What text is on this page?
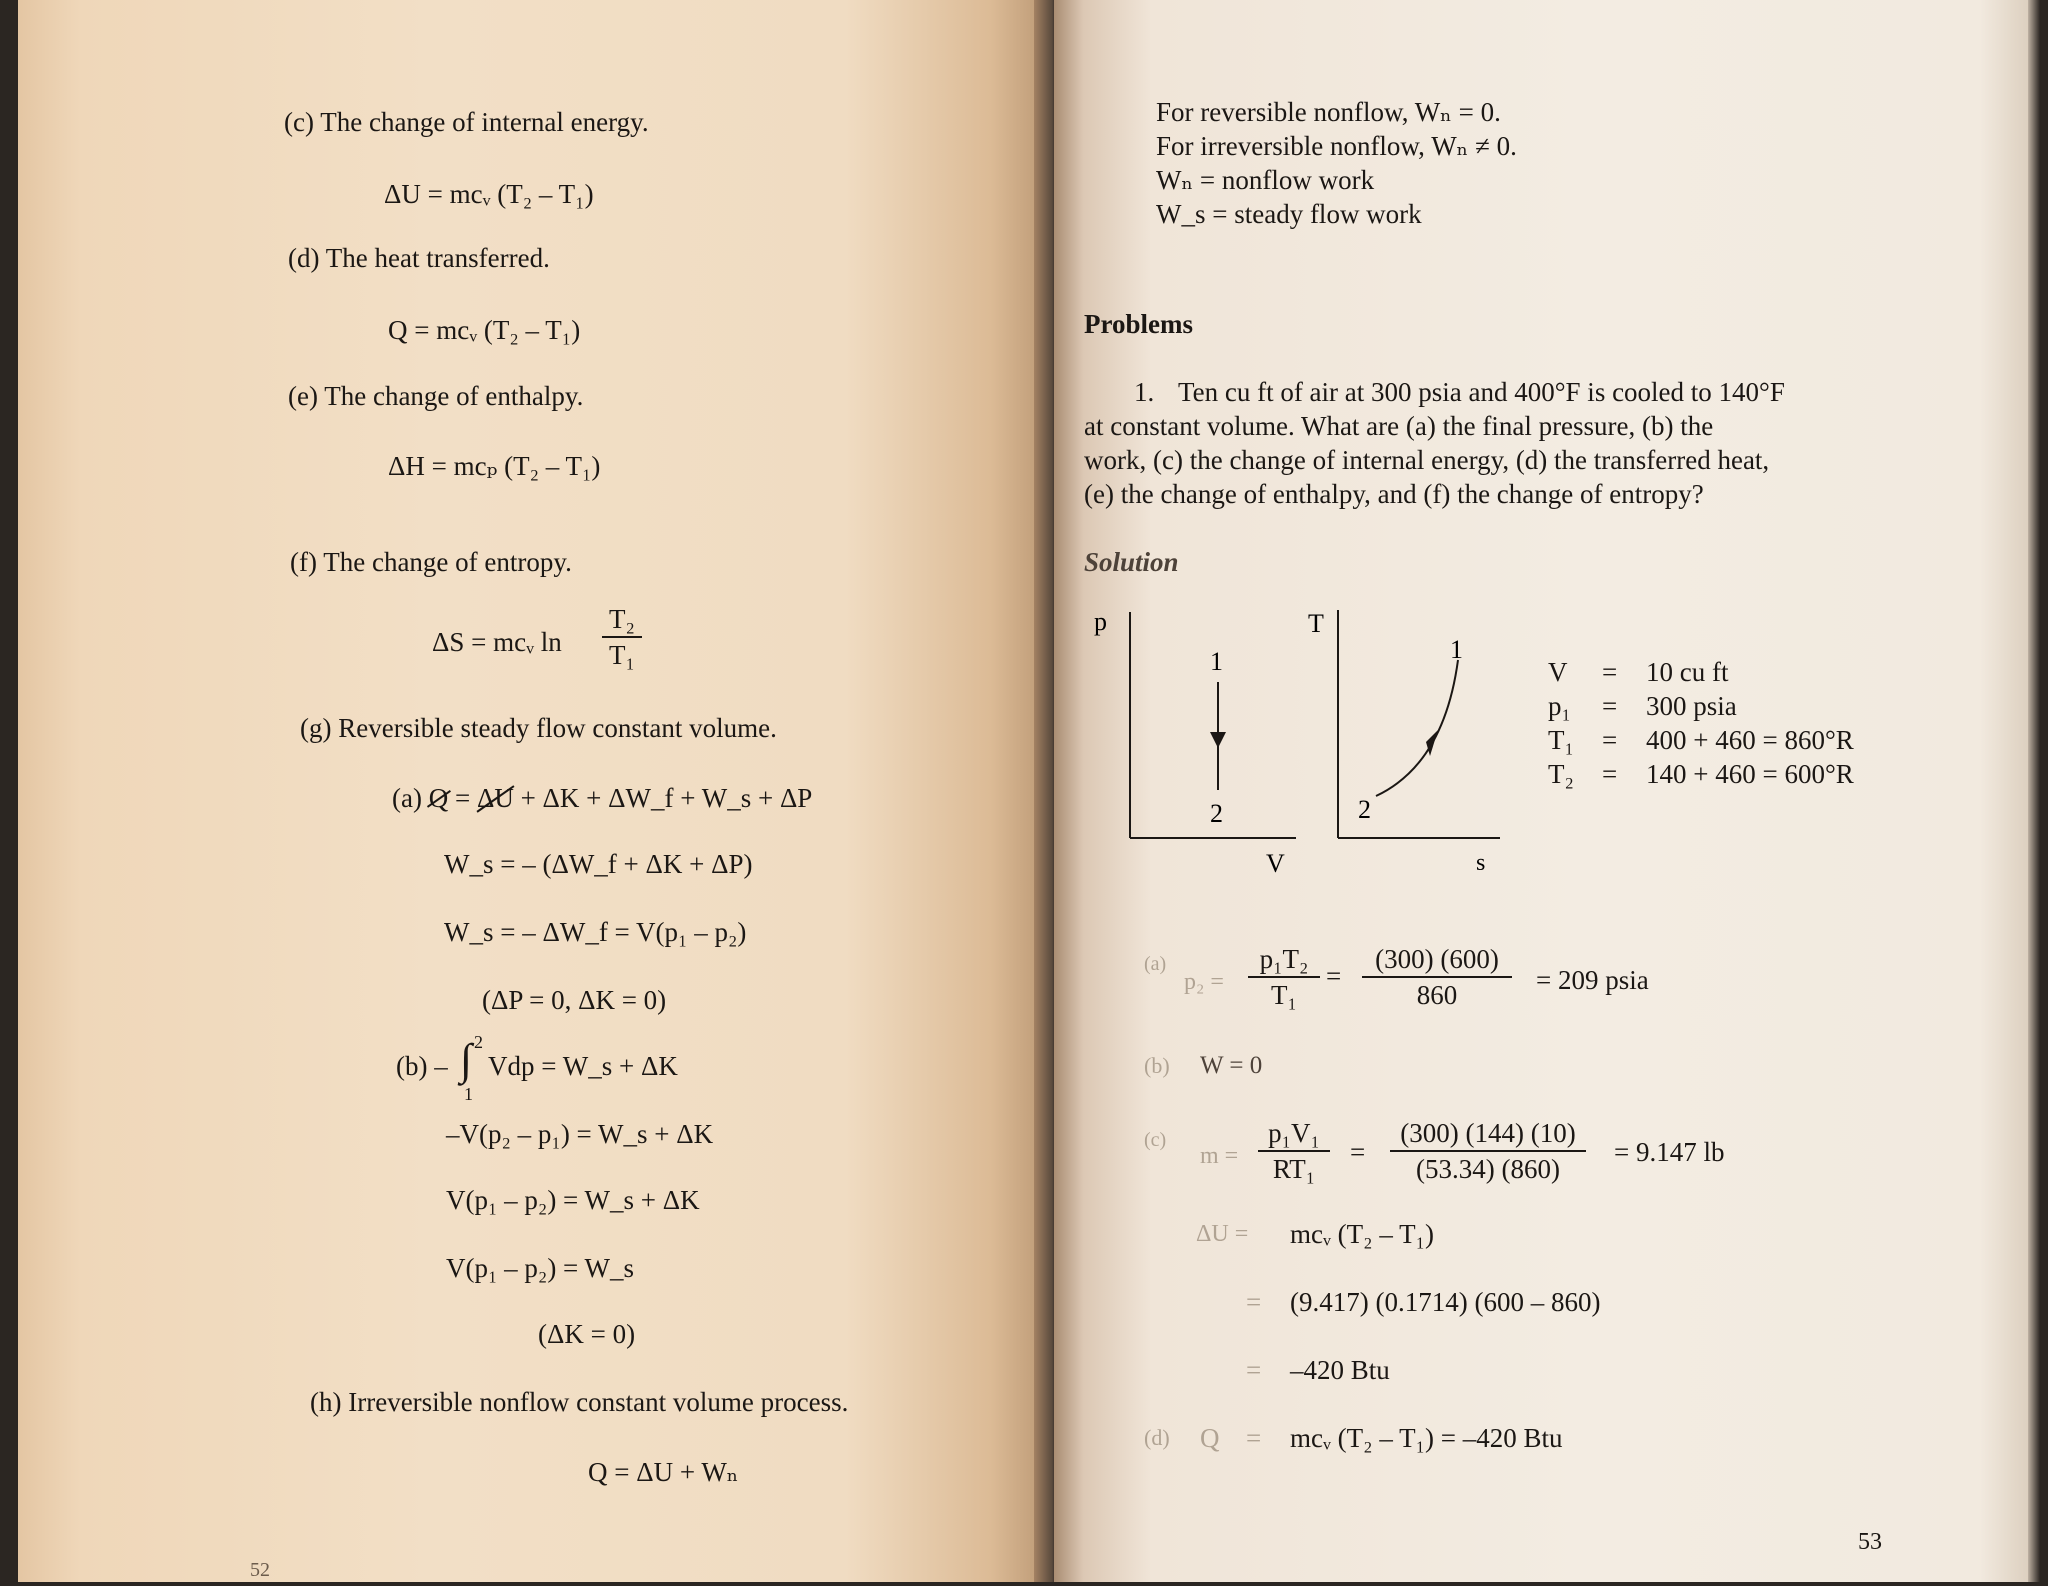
(c) The change of internal energy.
ΔU = mcᵥ (T₂ – T₁)
(d) The heat transferred.
Q = mcᵥ (T₂ – T₁)
(e) The change of enthalpy.
ΔH = mcₚ (T₂ – T₁)
(f) The change of entropy.
ΔS = mcᵥ ln
T₂
T₁
(g) Reversible steady flow constant volume.
(a) Q = ΔU + ΔK + ΔW_f + W_s + ΔP
W_s = – (ΔW_f + ΔK + ΔP)
W_s = – ΔW_f = V(p₁ – p₂)
(ΔP = 0, ΔK = 0)
(b) –
2
∫
1
Vdp = W_s + ΔK
–V(p₂ – p₁) = W_s + ΔK
V(p₁ – p₂) = W_s + ΔK
V(p₁ – p₂) = W_s
(ΔK = 0)
(h) Irreversible nonflow constant volume process.
Q = ΔU + Wₙ
52
For reversible nonflow, Wₙ = 0.
For irreversible nonflow, Wₙ ≠ 0.
Wₙ = nonflow work
W_s = steady flow work
Problems
1. Ten cu ft of air at 300 psia and 400°F is cooled to 140°F
at constant volume. What are (a) the final pressure, (b) the
work, (c) the change of internal energy, (d) the transferred heat,
(e) the change of enthalpy, and (f) the change of entropy?
Solution
p
V
1
2
T
s
1
2
V = 10 cu ft
p₁ = 300 psia
T₁ = 400 + 460 = 860°R
T₂ = 140 + 460 = 600°R
(a)
p₂ =
p₁T₂
T₁
=
(300) (600)
860	= 209 psia
(b) W = 0
(c)
m =
p₁V₁
RT₁
=
(300) (144) (10)
(53.34) (860)
= 9.147 lb
ΔU = mcᵥ (T₂ – T₁)
= (9.417) (0.1714) (600 – 860)
= –420 Btu
(d) Q = mcᵥ (T₂ – T₁) = –420 Btu
53
